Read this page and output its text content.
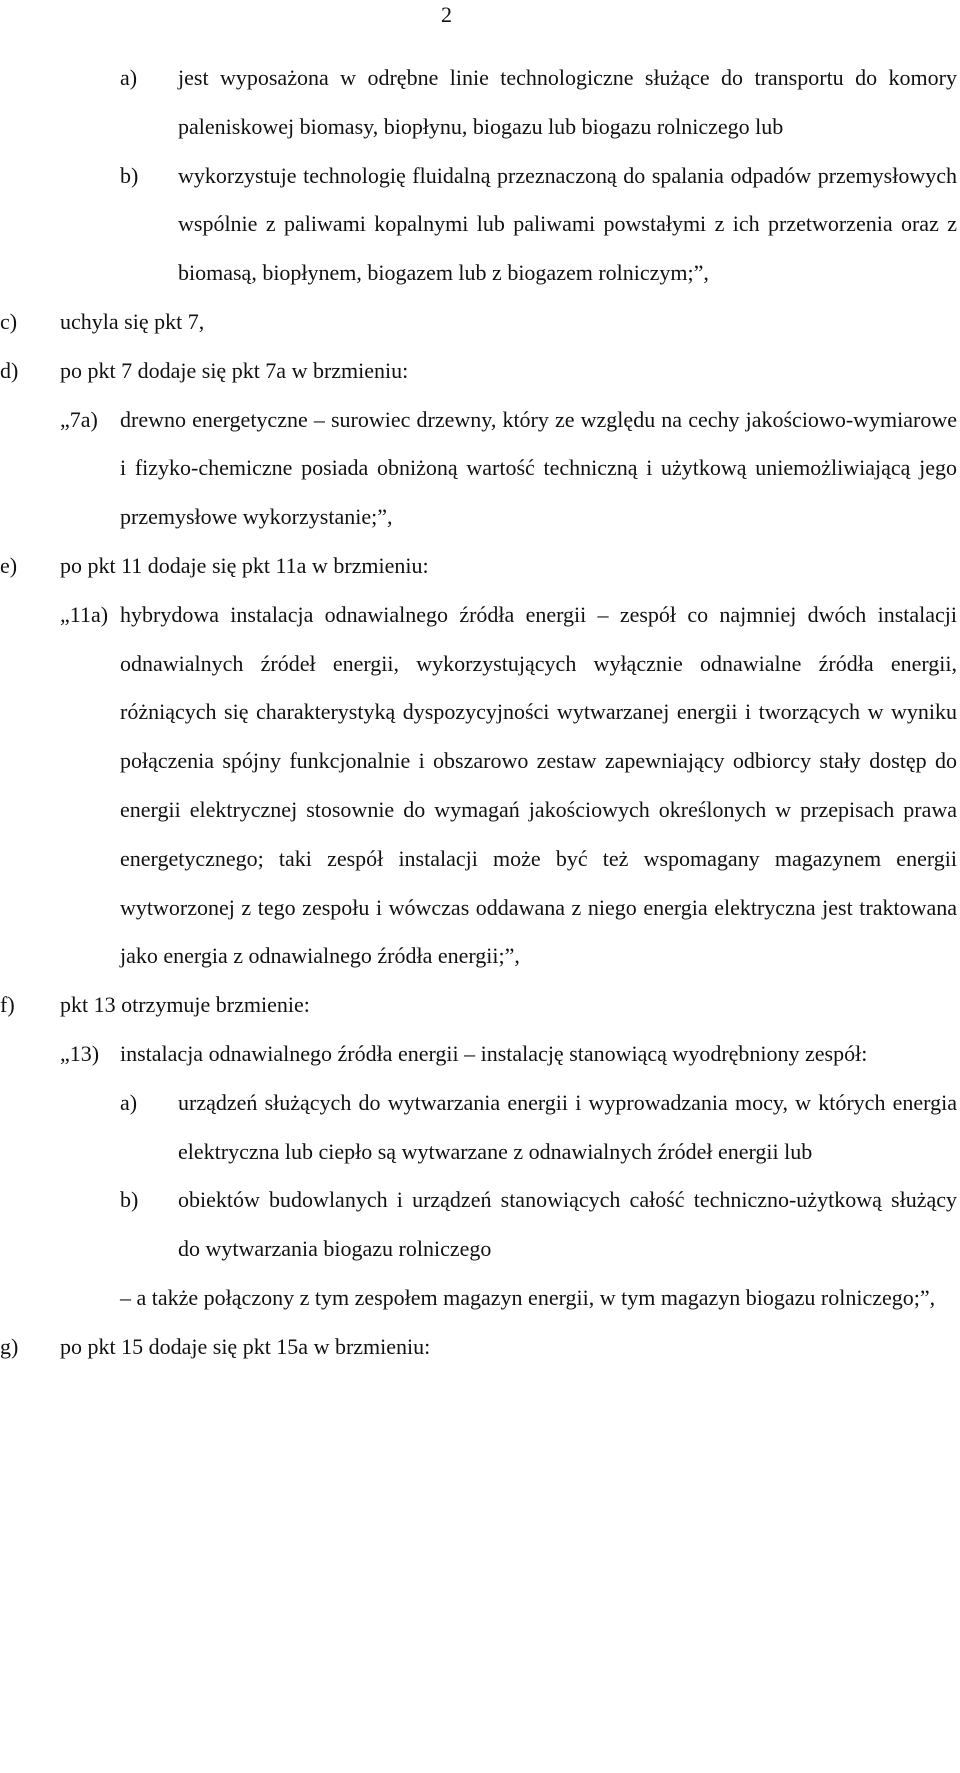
2
a) jest wyposażona w odrębne linie technologiczne służące do transportu do komory paleniskowej biomasy, biopłynu, biogazu lub biogazu rolniczego lub
b) wykorzystuje technologię fluidalną przeznaczoną do spalania odpadów przemysłowych wspólnie z paliwami kopalnymi lub paliwami powstałymi z ich przetworzenia oraz z biomasą, biopłynem, biogazem lub z biogazem rolniczym;”,
c) uchyla się pkt 7,
d) po pkt 7 dodaje się pkt 7a w brzmieniu:
„7a) drewno energetyczne – surowiec drzewny, który ze względu na cechy jakościowo-wymiarowe i fizyko-chemiczne posiada obniżoną wartość techniczną i użytkową uniemożliwiającą jego przemysłowe wykorzystanie;”,
e) po pkt 11 dodaje się pkt 11a w brzmieniu:
„11a) hybrydowa instalacja odnawialnego źródła energii – zespół co najmniej dwóch instalacji odnawialnych źródeł energii, wykorzystujących wyłącznie odnawialne źródła energii, różniących się charakterystyką dyspozycyjności wytwarzanej energii i tworzących w wyniku połączenia spójny funkcjonalnie i obszarowo zestaw zapewniający odbiorcy stały dostęp do energii elektrycznej stosownie do wymagań jakościowych określonych w przepisach prawa energetycznego; taki zespół instalacji może być też wspomagany magazynem energii wytworzonej z tego zespołu i wówczas oddawana z niego energia elektryczna jest traktowana jako energia z odnawialnego źródła energii;”,
f) pkt 13 otrzymuje brzmienie:
„13) instalacja odnawialnego źródła energii – instalację stanowiącą wyodrębniony zespół:
a) urządzeń służących do wytwarzania energii i wyprowadzania mocy, w których energia elektryczna lub ciepło są wytwarzane z odnawialnych źródeł energii lub
b) obiektów budowlanych i urządzeń stanowiących całość techniczno-użytkową służący do wytwarzania biogazu rolniczego
– a także połączony z tym zespołem magazyn energii, w tym magazyn biogazu rolniczego;”,
g) po pkt 15 dodaje się pkt 15a w brzmieniu:
